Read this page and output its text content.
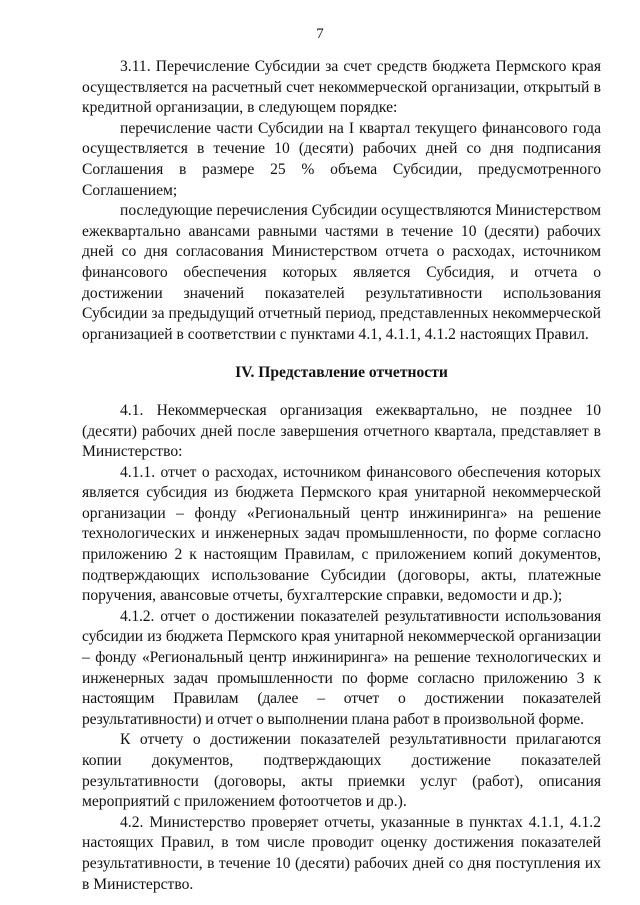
7

3.11. Перечисление Субсидии за счет средств бюджета Пермского края осуществляется на расчетный счет некоммерческой организации, открытый в кредитной организации, в следующем порядке:

перечисление части Субсидии на I квартал текущего финансового года осуществляется в течение 10 (десяти) рабочих дней со дня подписания Соглашения в размере 25 % объема Субсидии, предусмотренного Соглашением;

последующие перечисления Субсидии осуществляются Министерством ежеквартально авансами равными частями в течение 10 (десяти) рабочих дней со дня согласования Министерством отчета о расходах, источником финансового обеспечения которых является Субсидия, и отчета о достижении значений показателей результативности использования Субсидии за предыдущий отчетный период, представленных некоммерческой организацией в соответствии с пунктами 4.1, 4.1.1, 4.1.2 настоящих Правил.

IV. Представление отчетности

4.1. Некоммерческая организация ежеквартально, не позднее 10 (десяти) рабочих дней после завершения отчетного квартала, представляет в Министерство:

4.1.1. отчет о расходах, источником финансового обеспечения которых является субсидия из бюджета Пермского края унитарной некоммерческой организации – фонду «Региональный центр инжиниринга» на решение технологических и инженерных задач промышленности, по форме согласно приложению 2 к настоящим Правилам, с приложением копий документов, подтверждающих использование Субсидии (договоры, акты, платежные поручения, авансовые отчеты, бухгалтерские справки, ведомости и др.);

4.1.2. отчет о достижении показателей результативности использования субсидии из бюджета Пермского края унитарной некоммерческой организации – фонду «Региональный центр инжиниринга» на решение технологических и инженерных задач промышленности по форме согласно приложению 3 к настоящим Правилам (далее – отчет о достижении показателей результативности) и отчет о выполнении плана работ в произвольной форме.

К отчету о достижении показателей результативности прилагаются копии документов, подтверждающих достижение показателей результативности (договоры, акты приемки услуг (работ), описания мероприятий с приложением фотоотчетов и др.).

4.2. Министерство проверяет отчеты, указанные в пунктах 4.1.1, 4.1.2 настоящих Правил, в том числе проводит оценку достижения показателей результативности, в течение 10 (десяти) рабочих дней со дня поступления их в Министерство.
